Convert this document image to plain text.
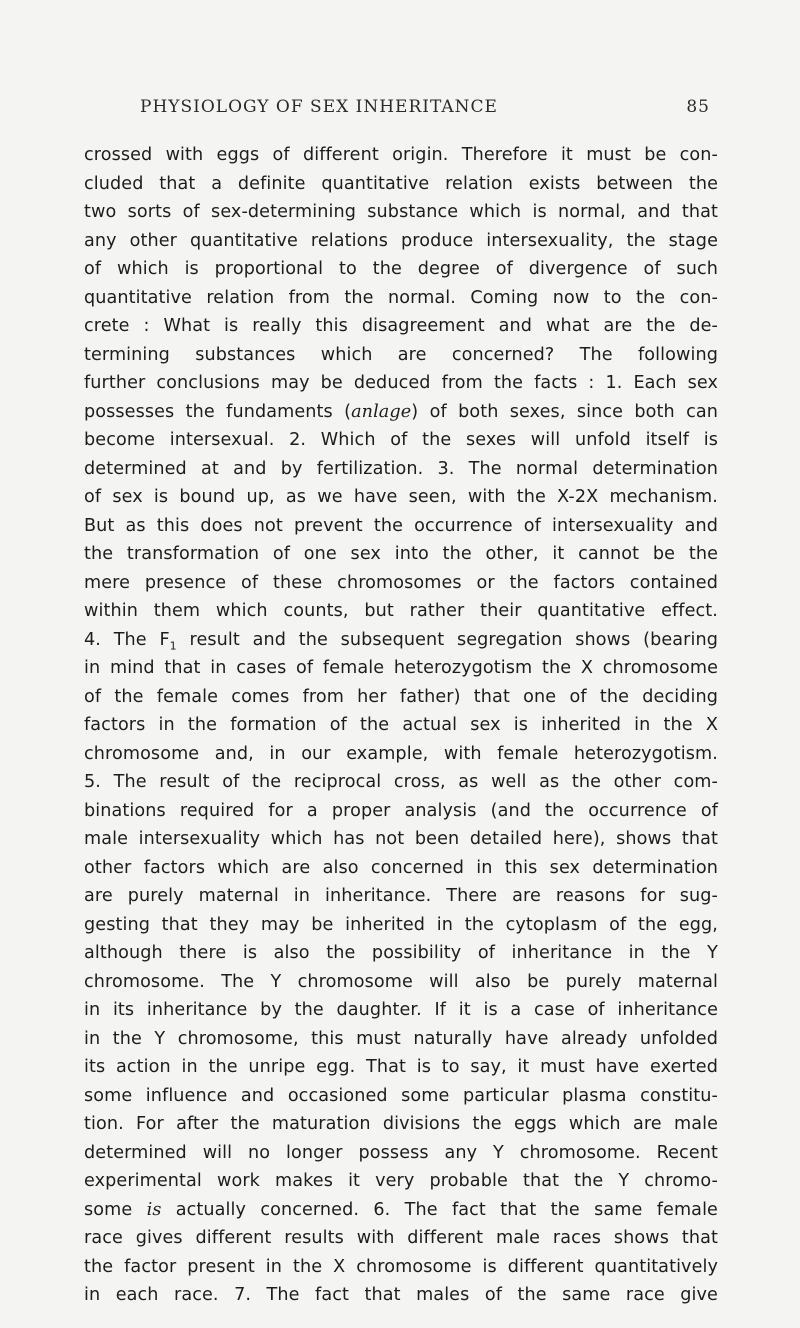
PHYSIOLOGY OF SEX INHERITANCE	85
crossed with eggs of different origin. Therefore it must be con-
cluded that a definite quantitative relation exists between the
two sorts of sex-determining substance which is normal, and that
any other quantitative relations produce intersexuality, the stage
of which is proportional to the degree of divergence of such
quantitative relation from the normal. Coming now to the con-
crete : What is really this disagreement and what are the de-
termining substances which are concerned? The following
further conclusions may be deduced from the facts : 1. Each sex
possesses the fundaments (anlage) of both sexes, since both can
become intersexual. 2. Which of the sexes will unfold itself is
determined at and by fertilization. 3. The normal determination
of sex is bound up, as we have seen, with the X-2X mechanism.
But as this does not prevent the occurrence of intersexuality and
the transformation of one sex into the other, it cannot be the
mere presence of these chromosomes or the factors contained
within them which counts, but rather their quantitative effect.
4. The $F_1$ result and the subsequent segregation shows (bearing
in mind that in cases of female heterozygotism the X chromosome
of the female comes from her father) that one of the deciding
factors in the formation of the actual sex is inherited in the X
chromosome and, in our example, with female heterozygotism.
5. The result of the reciprocal cross, as well as the other com-
binations required for a proper analysis (and the occurrence of
male intersexuality which has not been detailed here), shows that
other factors which are also concerned in this sex determination
are purely maternal in inheritance. There are reasons for sug-
gesting that they may be inherited in the cytoplasm of the egg,
although there is also the possibility of inheritance in the Y
chromosome. The Y chromosome will also be purely maternal
in its inheritance by the daughter. If it is a case of inheritance
in the Y chromosome, this must naturally have already unfolded
its action in the unripe egg. That is to say, it must have exerted
some influence and occasioned some particular plasma constitu-
tion. For after the maturation divisions the eggs which are male
determined will no longer possess any Y chromosome. Recent
experimental work makes it very probable that the Y chromo-
some is actually concerned. 6. The fact that the same female
race gives different results with different male races shows that
the factor present in the X chromosome is different quantitatively
in each race. 7. The fact that males of the same race give
